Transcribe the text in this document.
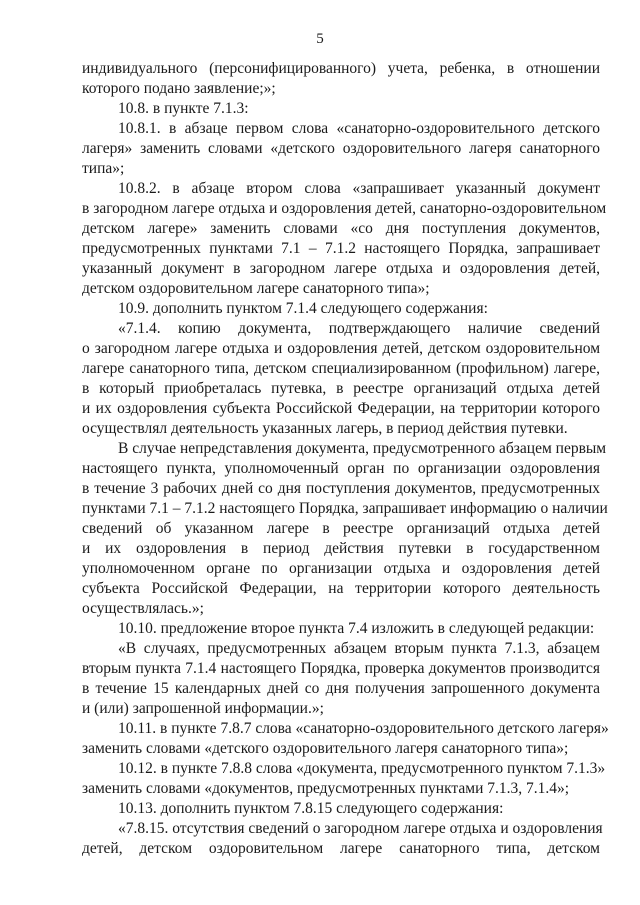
5
индивидуального (персонифицированного) учета, ребенка, в отношении
которого подано заявление;»;
10.8. в пункте 7.1.3:
10.8.1. в абзаце первом слова «санаторно-оздоровительного детского
лагеря» заменить словами «детского оздоровительного лагеря санаторного
типа»;
10.8.2. в абзаце втором слова «запрашивает указанный документ
в загородном лагере отдыха и оздоровления детей, санаторно-оздоровительном
детском лагере» заменить словами «со дня поступления документов,
предусмотренных пунктами 7.1 – 7.1.2 настоящего Порядка, запрашивает
указанный документ в загородном лагере отдыха и оздоровления детей,
детском оздоровительном лагере санаторного типа»;
10.9. дополнить пунктом 7.1.4 следующего содержания:
«7.1.4. копию документа, подтверждающего наличие сведений
о загородном лагере отдыха и оздоровления детей, детском оздоровительном
лагере санаторного типа, детском специализированном (профильном) лагере,
в который приобреталась путевка, в реестре организаций отдыха детей
и их оздоровления субъекта Российской Федерации, на территории которого
осуществлял деятельность указанных лагерь, в период действия путевки.
В случае непредставления документа, предусмотренного абзацем первым
настоящего пункта, уполномоченный орган по организации оздоровления
в течение 3 рабочих дней со дня поступления документов, предусмотренных
пунктами 7.1 – 7.1.2 настоящего Порядка, запрашивает информацию о наличии
сведений об указанном лагере в реестре организаций отдыха детей
и их оздоровления в период действия путевки в государственном
уполномоченном органе по организации отдыха и оздоровления детей
субъекта Российской Федерации, на территории которого деятельность
осуществлялась.»;
10.10. предложение второе пункта 7.4 изложить в следующей редакции:
«В случаях, предусмотренных абзацем вторым пункта 7.1.3, абзацем
вторым пункта 7.1.4 настоящего Порядка, проверка документов производится
в течение 15 календарных дней со дня получения запрошенного документа
и (или) запрошенной информации.»;
10.11. в пункте 7.8.7 слова «санаторно-оздоровительного детского лагеря»
заменить словами «детского оздоровительного лагеря санаторного типа»;
10.12. в пункте 7.8.8 слова «документа, предусмотренного пунктом 7.1.3»
заменить словами «документов, предусмотренных пунктами 7.1.3, 7.1.4»;
10.13. дополнить пунктом 7.8.15 следующего содержания:
«7.8.15. отсутствия сведений о загородном лагере отдыха и оздоровления
детей, детском оздоровительном лагере санаторного типа, детском
